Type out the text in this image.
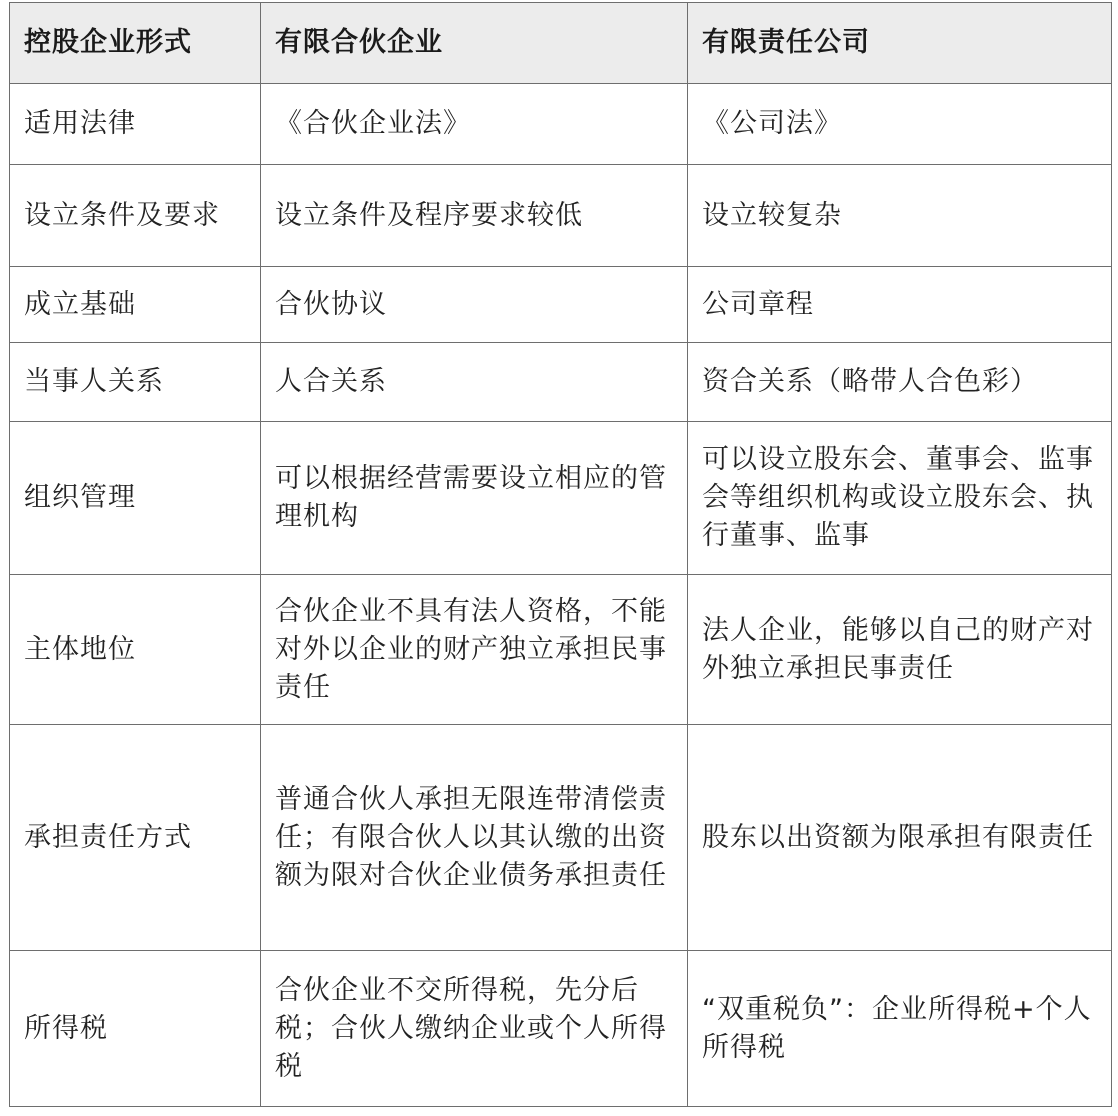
控股企业形式	有限合伙企业	有限责任公司
适用法律	《合伙企业法》	《公司法》
设立条件及要求	设立条件及程序要求较低	设立较复杂
成立基础	合伙协议	公司章程
当事人关系	人合关系	资合关系（略带人合色彩）
组织管理	可以根据经营需要设立相应的管理机构	可以设立股东会、董事会、监事会等组织机构或设立股东会、执行董事、监事
主体地位	合伙企业不具有法人资格，不能对外以企业的财产独立承担民事责任	法人企业，能够以自己的财产对外独立承担民事责任
承担责任方式	普通合伙人承担无限连带清偿责任；有限合伙人以其认缴的出资额为限对合伙企业债务承担责任	股东以出资额为限承担有限责任
所得税	合伙企业不交所得税，先分后税；合伙人缴纳企业或个人所得税	“双重税负”：企业所得税+个人所得税
